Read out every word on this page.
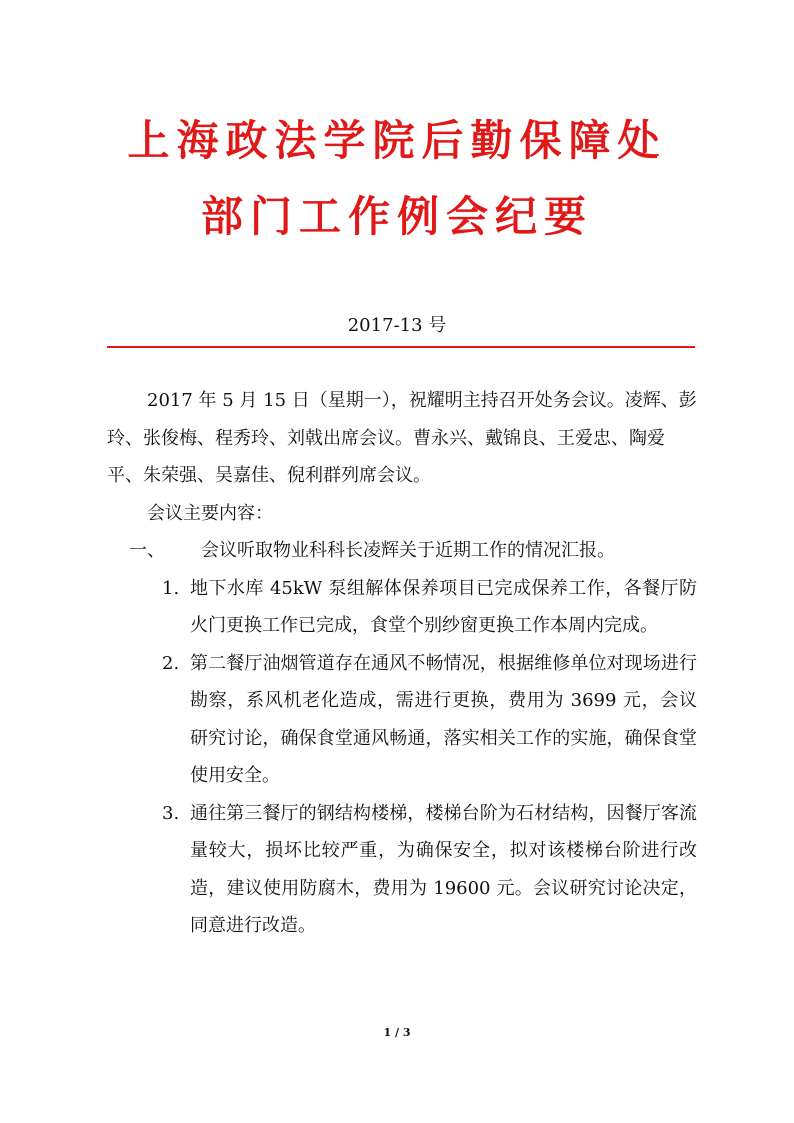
上海政法学院后勤保障处
部门工作例会纪要
2017-13 号

2017 年 5 月 15 日（星期一），祝耀明主持召开处务会议。凌辉、彭玲、张俊梅、程秀玲、刘戟出席会议。曹永兴、戴锦良、王爱忠、陶爱平、朱荣强、吴嘉佳、倪利群列席会议。

会议主要内容：

一、	会议听取物业科科长凌辉关于近期工作的情况汇报。
1. 地下水库 45kW 泵组解体保养项目已完成保养工作，各餐厅防火门更换工作已完成，食堂个别纱窗更换工作本周内完成。
2. 第二餐厅油烟管道存在通风不畅情况，根据维修单位对现场进行勘察，系风机老化造成，需进行更换，费用为 3699 元，会议研究讨论，确保食堂通风畅通，落实相关工作的实施，确保食堂使用安全。
3. 通往第三餐厅的钢结构楼梯，楼梯台阶为石材结构，因餐厅客流量较大，损坏比较严重，为确保安全，拟对该楼梯台阶进行改造，建议使用防腐木，费用为 19600 元。会议研究讨论决定，同意进行改造。
1 / 3
